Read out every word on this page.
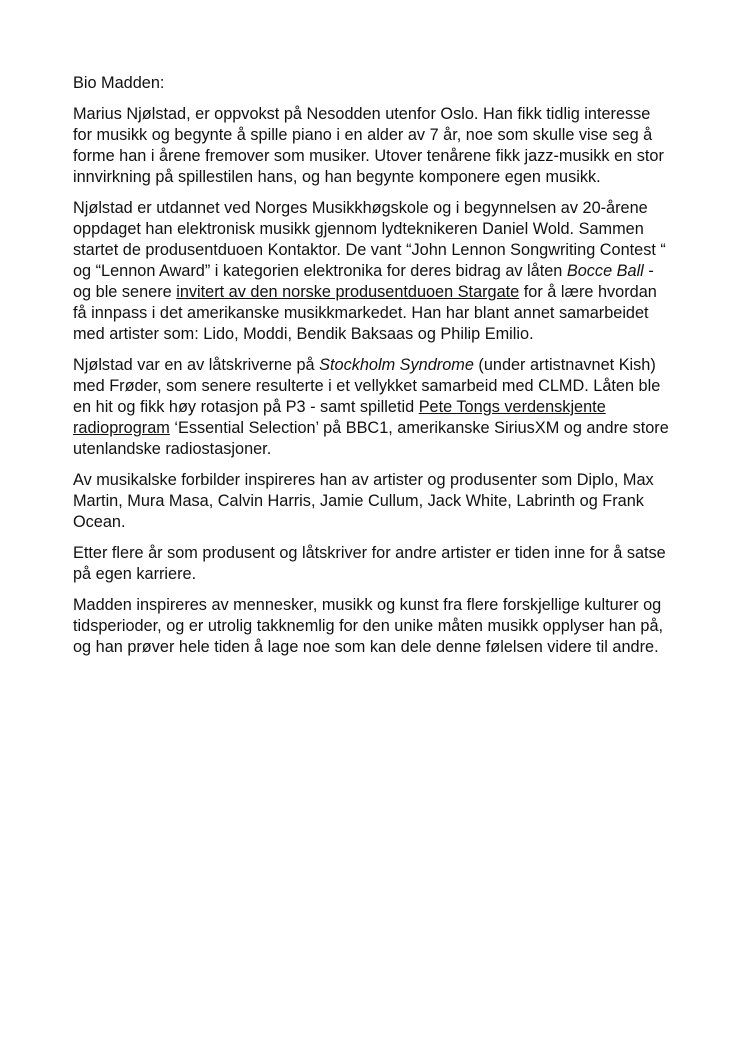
Bio Madden:

Marius Njølstad, er oppvokst på Nesodden utenfor Oslo. Han fikk tidlig interesse for musikk og begynte å spille piano i en alder av 7 år, noe som skulle vise seg å forme han i årene fremover som musiker. Utover tenårene fikk jazz-musikk en stor innvirkning på spillestilen hans, og han begynte komponere egen musikk.

Njølstad er utdannet ved Norges Musikkhøgskole og i begynnelsen av 20-årene oppdaget han elektronisk musikk gjennom lydteknikeren Daniel Wold. Sammen startet de produsentduoen Kontaktor. De vant “John Lennon Songwriting Contest “ og “Lennon Award” i kategorien elektronika for deres bidrag av låten Bocce Ball - og ble senere invitert av den norske produsentduoen Stargate for å lære hvordan få innpass i det amerikanske musikkmarkedet. Han har blant annet samarbeidet med artister som: Lido, Moddi, Bendik Baksaas og Philip Emilio.

Njølstad var en av låtskriverne på Stockholm Syndrome (under artistnavnet Kish) med Frøder, som senere resulterte i et vellykket samarbeid med CLMD. Låten ble en hit og fikk høy rotasjon på P3 - samt spilletid Pete Tongs verdenskjente radioprogram ‘Essential Selection’ på BBC1, amerikanske SiriusXM og andre store utenlandske radiostasjoner.

Av musikalske forbilder inspireres han av artister og produsenter som Diplo, Max Martin, Mura Masa, Calvin Harris, Jamie Cullum, Jack White, Labrinth og Frank Ocean.

Etter flere år som produsent og låtskriver for andre artister er tiden inne for å satse på egen karriere.

Madden inspireres av mennesker, musikk og kunst fra flere forskjellige kulturer og tidsperioder, og er utrolig takknemlig for den unike måten musikk opplyser han på, og han prøver hele tiden å lage noe som kan dele denne følelsen videre til andre.
